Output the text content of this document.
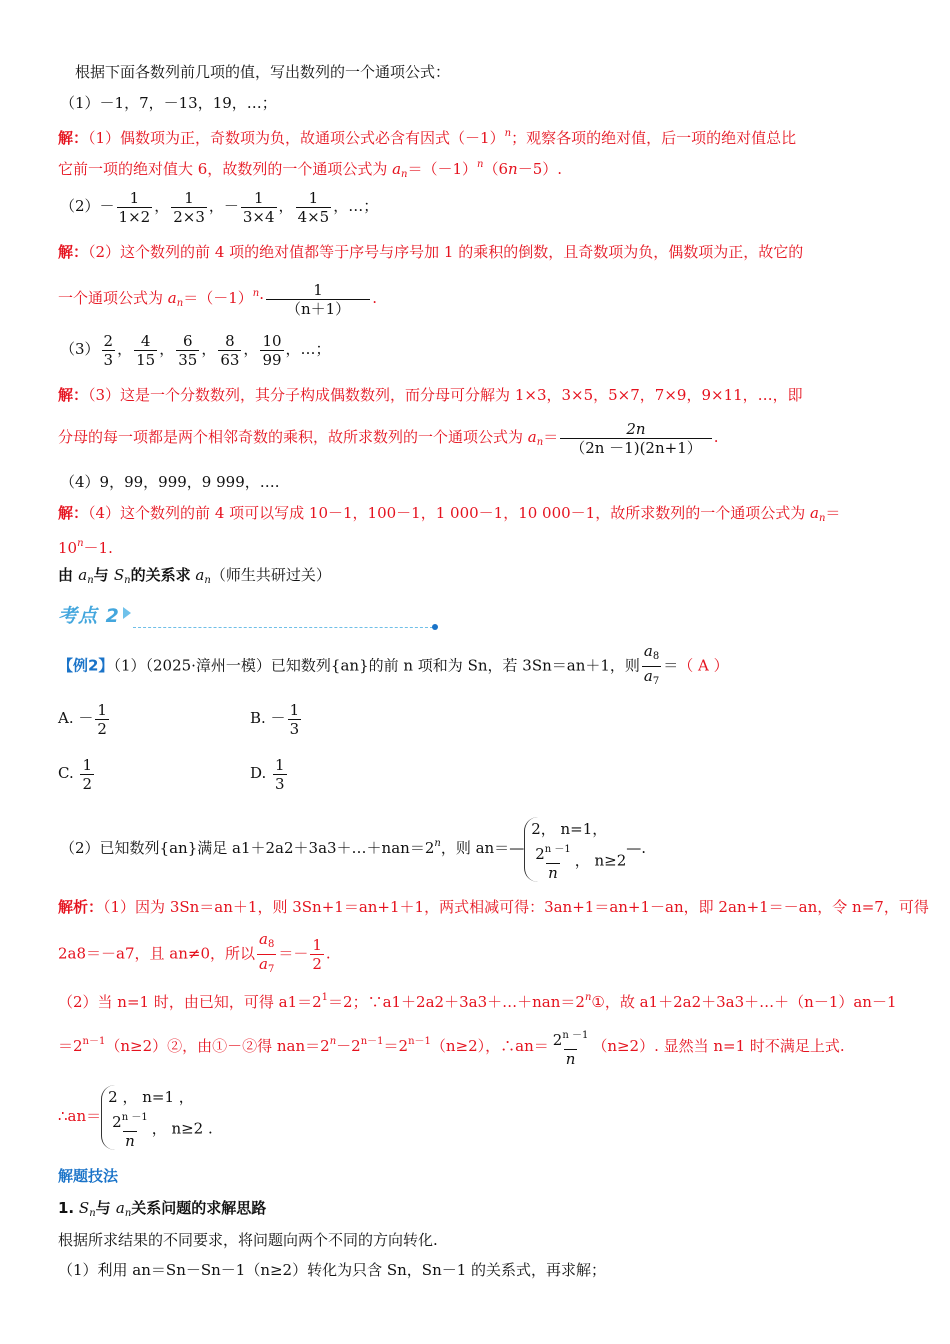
根据下面各数列前几项的值，写出数列的一个通项公式：
（1）－1，7，－13，19，…；
解：（1）偶数项为正，奇数项为负，故通项公式必含有因式$(-1)^n$；观察各项的绝对值，后一项的绝对值总比
它前一项的绝对值大 6，故数列的一个通项公式为 $a_n=(-1)^n(6n-5)$.
$(2)- \frac{1}{1\times 2}$ ， $\frac{1}{2\times 3}$ ，－ $\frac{1}{3\times 4}$ ， $\frac{1}{4\times 5}$ ，…；
解：（2）这个数列的前 4 项的绝对值都等于序号与序号加 1 的乘积的倒数，且奇数项为负，偶数项为正，故它的
一个通项公式为 $a_n=(-1)^n\cdot \frac{1}{(n+1)}$ .
$(3) \frac{2}{3}$ ， $\frac{4}{15}$ ， $\frac{6}{35}$ ， $\frac{8}{63}$ ， $\frac{10}{99}$ ，…；
解：（3）这是一个分数数列，其分子构成偶数数列，而分母可分解为 1×3，3×5，5×7，7×9，9×11，…，即
分母的每一项都是两个相邻奇数的乘积，故所求数列的一个通项公式为 $a_n= \frac{2n}{(2n -1)(2n+1)}$ .
（4）9，99，999，9 999，….
解：（4）这个数列的前 4 项可以写成 10－1，100－1，1 000－1，10 000－1，故所求数列的一个通项公式为 $a_n=$
$10^n-1$.
由 $a_n$与 $S_n$的关系求 $a_n$（师生共研过关）
考点 2
【例2】（1）（2025·漳州一模）已知数列{an}的前 n 项和为 Sn，若 3Sn＝an＋1，则 $\frac{a_8}{a_7}$ ＝（ A ）
A. － $\frac{1}{2}$	B. － $\frac{1}{3}$
C. $\frac{1}{2}$	D. $\frac{1}{3}$
（2）已知数列{an}满足 $a1+2a2+3a3+\dots+nan=2^n$，则 an＝—
2， n=1，
$\frac{2^{n -1}}{n}$ ， n≥2
—.
解析：（1）因为 3Sn＝an＋1，则 3Sn+1＝an+1＋1，两式相减可得：3an+1＝an+1－an，即 2an+1＝－an，令 n=7，可得
2a8＝－a7，且 an≠0，所以 $\frac{a_8}{a_7} =- \frac{1}{2}$ .
（2）当 n=1 时，由已知，可得 $a1=2^1=2$；$\because a1+2a2+3a3+\dots+nan=2^n①$，故 a1＋2a2＋3a3＋…＋（n－1）an－1
$=2^{n-1}(n\ge 2)②$，由①－②得 $nan=2^n-2^{n-1}=2^{n-1}(n\ge 2)$，∴an＝ $\frac{2^{n -1}}{n} (n\ge 2)$. 显然当 n=1 时不满足上式.
∴an＝
2 ， n=1 ，
$\frac{2^{n -1}}{n}$ ， n≥2 .
解题技法
1. $S_n$与 $a_n$关系问题的求解思路
根据所求结果的不同要求，将问题向两个不同的方向转化.
（1）利用 an＝Sn－Sn－1（n≥2）转化为只含 Sn，Sn－1 的关系式，再求解；
